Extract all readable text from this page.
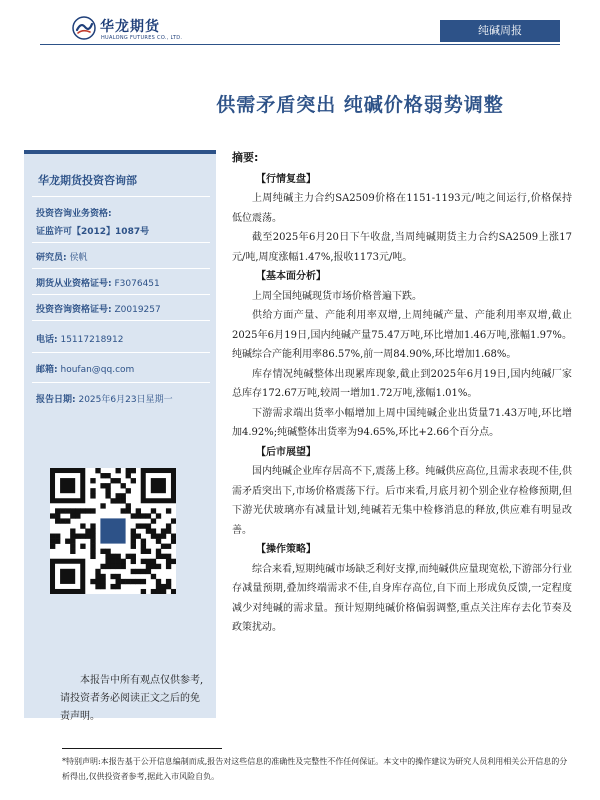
华龙期货
HUALONG FUTURES CO., LTD.
纯碱周报
供需矛盾突出 纯碱价格弱势调整
华龙期货投资咨询部
投资咨询业务资格:
证监许可【2012】1087号
研究员: 侯帆
期货从业资格证号: F3076451
投资咨询资格证号: Z0019257
电话: 15117218912
邮箱: houfan@qq.com
报告日期: 2025年6月23日星期一
本报告中所有观点仅供参考,请投资者务必阅读正文之后的免责声明。
摘要:
【行情复盘】

上周纯碱主力合约SA2509价格在1151-1193元/吨之间运行,价格保持低位震荡。

截至2025年6月20日下午收盘,当周纯碱期货主力合约SA2509上涨17元/吨,周度涨幅1.47%,报收1173元/吨。

【基本面分析】

上周全国纯碱现货市场价格普遍下跌。

供给方面产量、产能利用率双增,上周纯碱产量、产能利用率双增,截止2025年6月19日,国内纯碱产量75.47万吨,环比增加1.46万吨,涨幅1.97%。纯碱综合产能利用率86.57%,前一周84.90%,环比增加1.68%。

库存情况纯碱整体出现累库现象,截止到2025年6月19日,国内纯碱厂家总库存172.67万吨,较周一增加1.72万吨,涨幅1.01%。

下游需求端出货率小幅增加上周中国纯碱企业出货量71.43万吨,环比增加4.92%;纯碱整体出货率为94.65%,环比+2.66个百分点。

【后市展望】

国内纯碱企业库存居高不下,震荡上移。纯碱供应高位,且需求表现不佳,供需矛盾突出下,市场价格震荡下行。后市来看,月底月初个别企业存检修预期,但下游光伏玻璃亦有减量计划,纯碱若无集中检修消息的释放,供应难有明显改善。

【操作策略】

综合来看,短期纯碱市场缺乏利好支撑,而纯碱供应量现宽松,下游部分行业存减量预期,叠加终端需求不佳,自身库存高位,自下而上形成负反馈,一定程度减少对纯碱的需求量。预计短期纯碱价格偏弱调整,重点关注库存去化节奏及政策扰动。

*特别声明:本报告基于公开信息编制而成,报告对这些信息的准确性及完整性不作任何保证。本文中的操作建议为研究人员利用相关公开信息的分析得出,仅供投资者参考,据此入市风险自负。
